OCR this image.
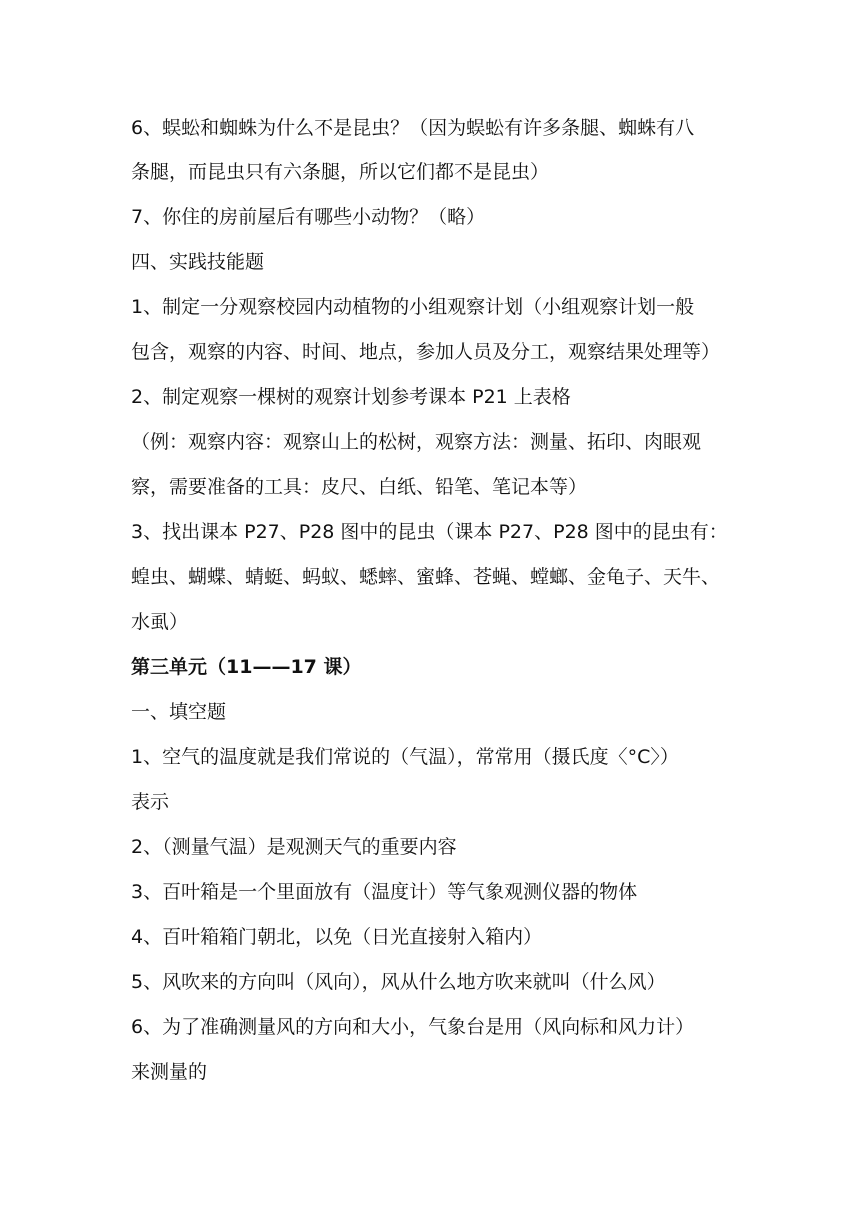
6、蜈蚣和蜘蛛为什么不是昆虫？（因为蜈蚣有许多条腿、蜘蛛有八
条腿，而昆虫只有六条腿，所以它们都不是昆虫）
7、你住的房前屋后有哪些小动物？（略）
四、实践技能题
1、制定一分观察校园内动植物的小组观察计划（小组观察计划一般
包含，观察的内容、时间、地点，参加人员及分工，观察结果处理等）
2、制定观察一棵树的观察计划参考课本 P21 上表格
（例：观察内容：观察山上的松树，观察方法：测量、拓印、肉眼观
察，需要准备的工具：皮尺、白纸、铅笔、笔记本等）
3、找出课本 P27、P28 图中的昆虫（课本 P27、P28 图中的昆虫有：
蝗虫、蝴蝶、蜻蜓、蚂蚁、蟋蟀、蜜蜂、苍蝇、螳螂、金龟子、天牛、
水虱）
第三单元（11——17 课）
一、填空题
1、空气的温度就是我们常说的（气温），常常用（摄氏度〈°C〉）
表示
2、（测量气温）是观测天气的重要内容
3、百叶箱是一个里面放有（温度计）等气象观测仪器的物体
4、百叶箱箱门朝北，以免（日光直接射入箱内）
5、风吹来的方向叫（风向），风从什么地方吹来就叫（什么风）
6、为了准确测量风的方向和大小，气象台是用（风向标和风力计）
来测量的
